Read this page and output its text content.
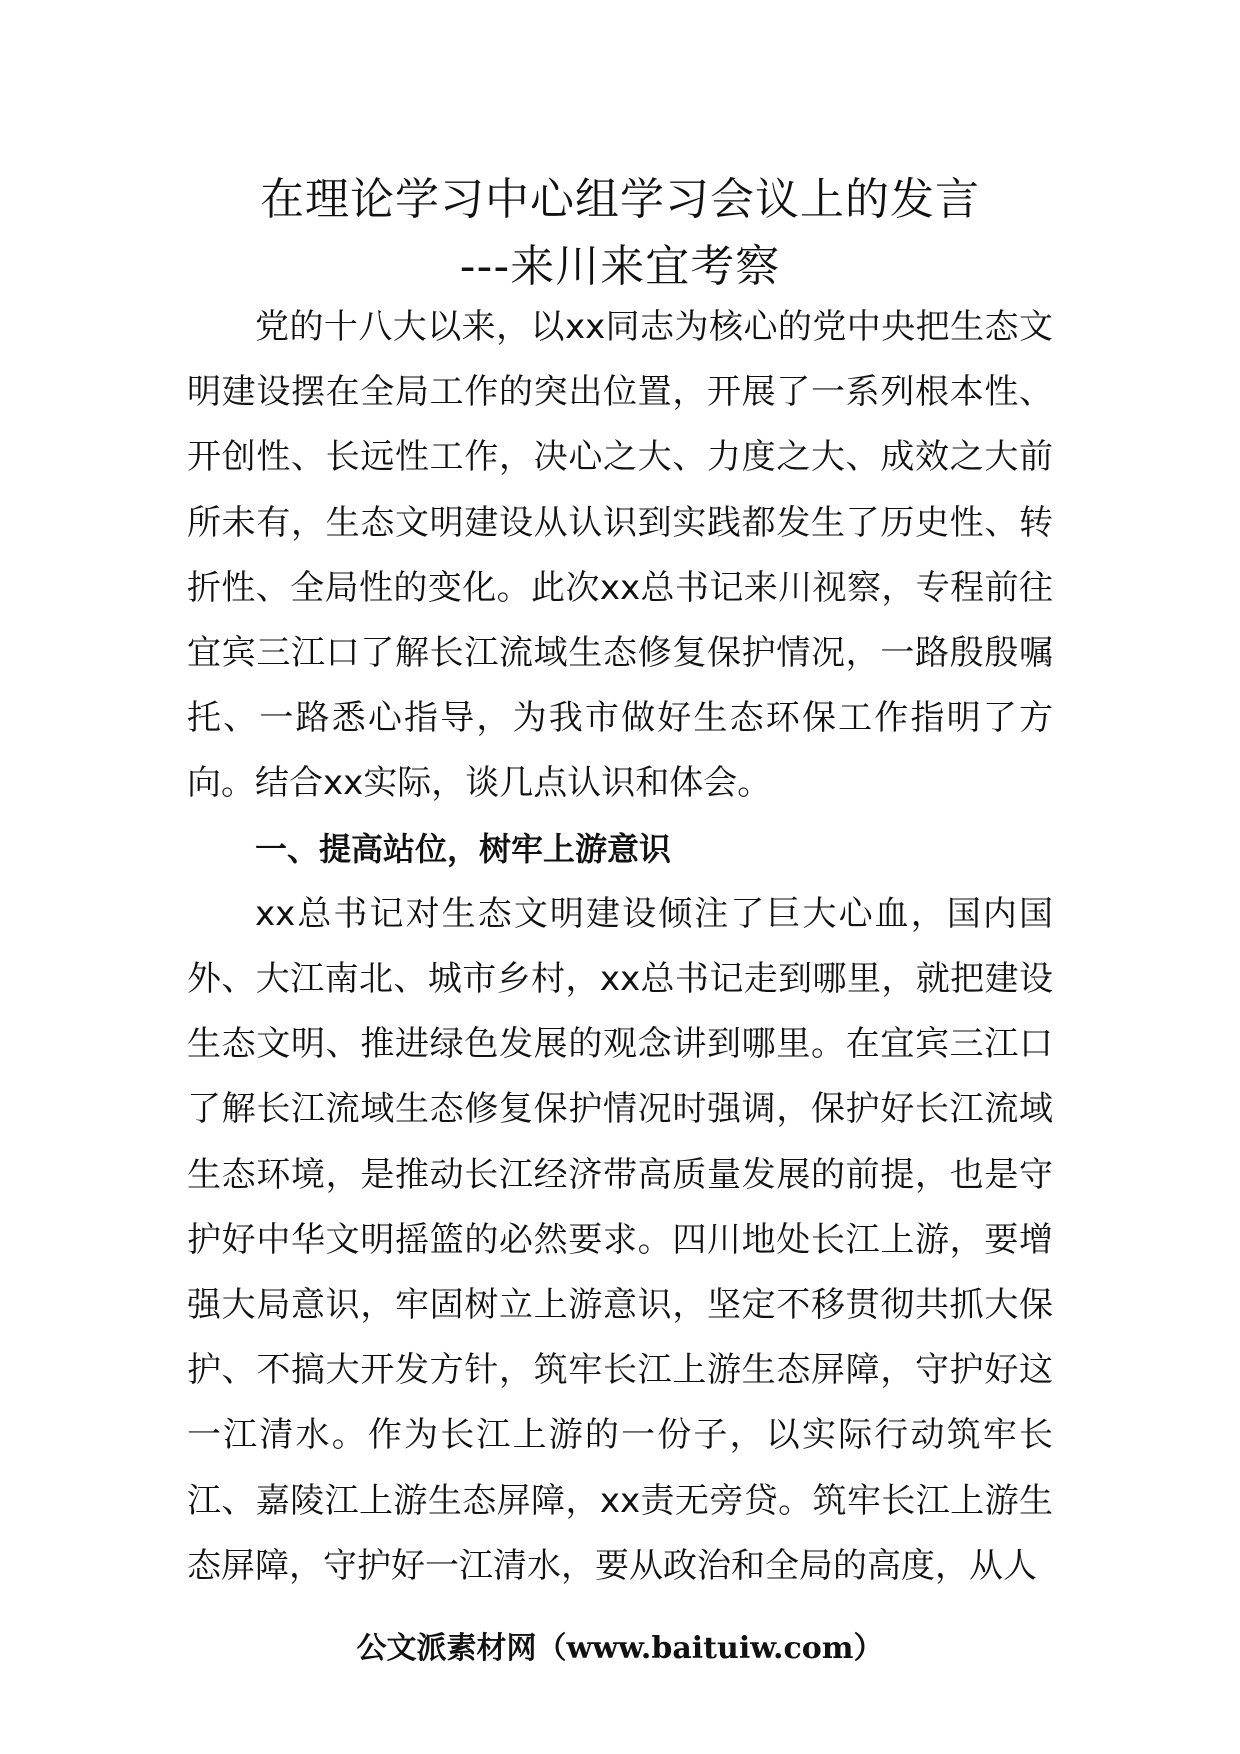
在理论学习中心组学习会议上的发言
---来川来宜考察

党的十八大以来，以xx同志为核心的党中央把生态文明建设摆在全局工作的突出位置，开展了一系列根本性、开创性、长远性工作，决心之大、力度之大、成效之大前所未有，生态文明建设从认识到实践都发生了历史性、转折性、全局性的变化。此次xx总书记来川视察，专程前往宜宾三江口了解长江流域生态修复保护情况，一路殷殷嘱托、一路悉心指导，为我市做好生态环保工作指明了方向。结合xx实际，谈几点认识和体会。

一、提高站位，树牢上游意识

xx总书记对生态文明建设倾注了巨大心血，国内国外、大江南北、城市乡村，xx总书记走到哪里，就把建设生态文明、推进绿色发展的观念讲到哪里。在宜宾三江口了解长江流域生态修复保护情况时强调，保护好长江流域生态环境，是推动长江经济带高质量发展的前提，也是守护好中华文明摇篮的必然要求。四川地处长江上游，要增强大局意识，牢固树立上游意识，坚定不移贯彻共抓大保护、不搞大开发方针，筑牢长江上游生态屏障，守护好这一江清水。作为长江上游的一份子，以实际行动筑牢长江、嘉陵江上游生态屏障，xx责无旁贷。筑牢长江上游生态屏障，守护好一江清水，要从政治和全局的高度，从人

公文派素材网（www.baituiw.com）
